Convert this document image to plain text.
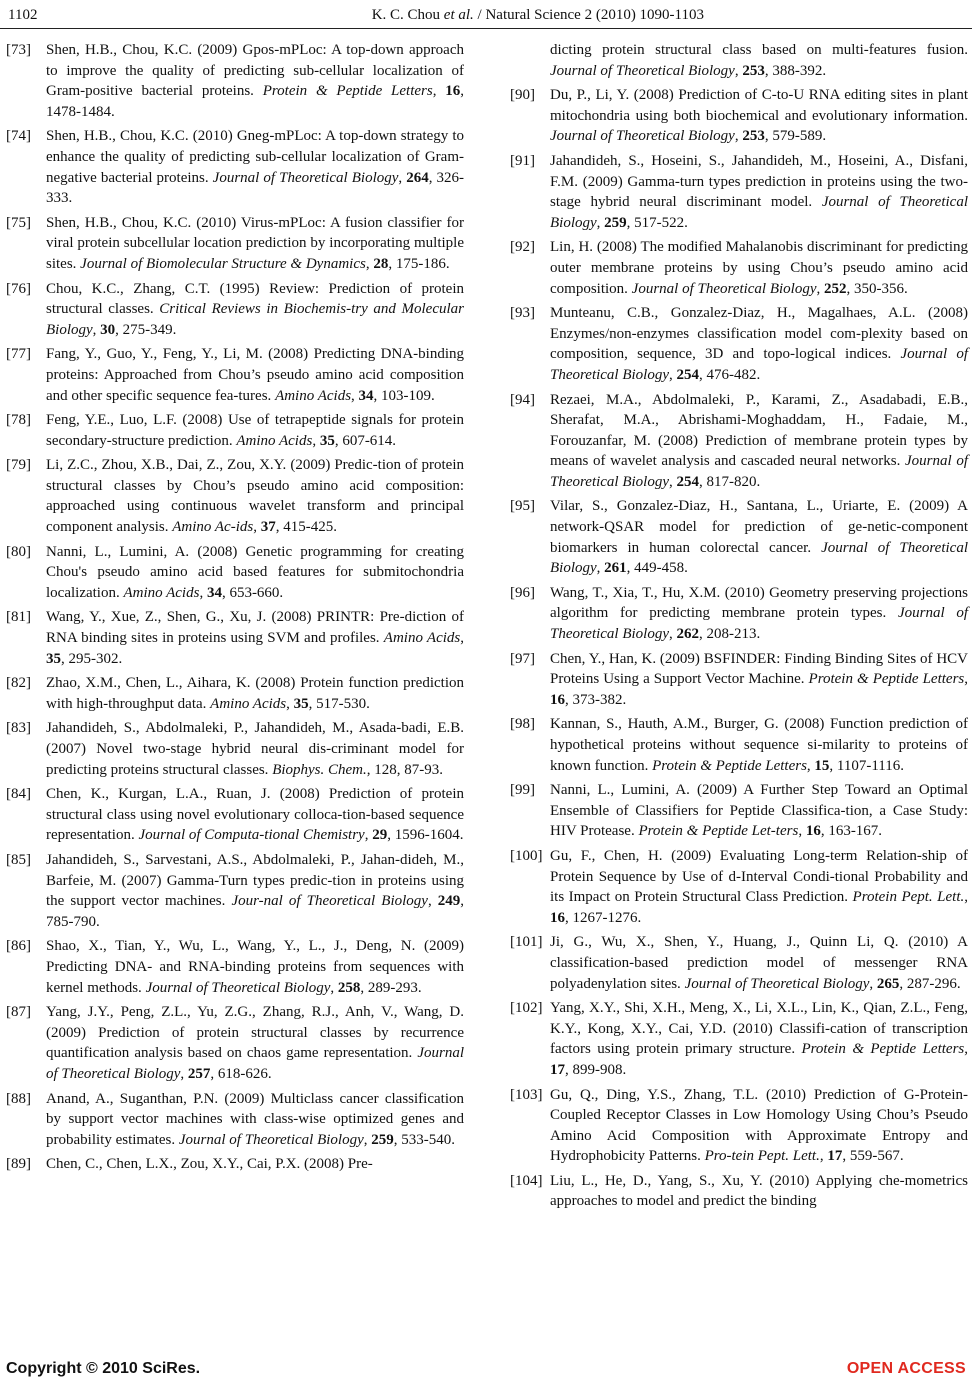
1102	K. C. Chou et al. / Natural Science 2 (2010) 1090-1103
[73] Shen, H.B., Chou, K.C. (2009) Gpos-mPLoc: A top-down approach to improve the quality of predicting sub-cellular localization of Gram-positive bacterial proteins. Protein & Peptide Letters, 16, 1478-1484.
[74] Shen, H.B., Chou, K.C. (2010) Gneg-mPLoc: A top-down strategy to enhance the quality of predicting sub-cellular localization of Gram-negative bacterial proteins. Journal of Theoretical Biology, 264, 326-333.
[75] Shen, H.B., Chou, K.C. (2010) Virus-mPLoc: A fusion classifier for viral protein subcellular location prediction by incorporating multiple sites. Journal of Biomolecular Structure & Dynamics, 28, 175-186.
[76] Chou, K.C., Zhang, C.T. (1995) Review: Prediction of protein structural classes. Critical Reviews in Biochemis-try and Molecular Biology, 30, 275-349.
[77] Fang, Y., Guo, Y., Feng, Y., Li, M. (2008) Predicting DNA-binding proteins: Approached from Chou’s pseudo amino acid composition and other specific sequence fea-tures. Amino Acids, 34, 103-109.
[78] Feng, Y.E., Luo, L.F. (2008) Use of tetrapeptide signals for protein secondary-structure prediction. Amino Acids, 35, 607-614.
[79] Li, Z.C., Zhou, X.B., Dai, Z., Zou, X.Y. (2009) Predic-tion of protein structural classes by Chou’s pseudo amino acid composition: approached using continuous wavelet transform and principal component analysis. Amino Ac-ids, 37, 415-425.
[80] Nanni, L., Lumini, A. (2008) Genetic programming for creating Chou's pseudo amino acid based features for submitochondria localization. Amino Acids, 34, 653-660.
[81] Wang, Y., Xue, Z., Shen, G., Xu, J. (2008) PRINTR: Pre-diction of RNA binding sites in proteins using SVM and profiles. Amino Acids, 35, 295-302.
[82] Zhao, X.M., Chen, L., Aihara, K. (2008) Protein function prediction with high-throughput data. Amino Acids, 35, 517-530.
[83] Jahandideh, S., Abdolmaleki, P., Jahandideh, M., Asada-badi, E.B. (2007) Novel two-stage hybrid neural dis-criminant model for predicting proteins structural classes. Biophys. Chem., 128, 87-93.
[84] Chen, K., Kurgan, L.A., Ruan, J. (2008) Prediction of protein structural class using novel evolutionary colloca-tion-based sequence representation. Journal of Computa-tional Chemistry, 29, 1596-1604.
[85] Jahandideh, S., Sarvestani, A.S., Abdolmaleki, P., Jahan-dideh, M., Barfeie, M. (2007) Gamma-Turn types predic-tion in proteins using the support vector machines. Jour-nal of Theoretical Biology, 249, 785-790.
[86] Shao, X., Tian, Y., Wu, L., Wang, Y., L., J., Deng, N. (2009) Predicting DNA- and RNA-binding proteins from sequences with kernel methods. Journal of Theoretical Biology, 258, 289-293.
[87] Yang, J.Y., Peng, Z.L., Yu, Z.G., Zhang, R.J., Anh, V., Wang, D. (2009) Prediction of protein structural classes by recurrence quantification analysis based on chaos game representation. Journal of Theoretical Biology, 257, 618-626.
[88] Anand, A., Suganthan, P.N. (2009) Multiclass cancer classification by support vector machines with class-wise optimized genes and probability estimates. Journal of Theoretical Biology, 259, 533-540.
[89] Chen, C., Chen, L.X., Zou, X.Y., Cai, P.X. (2008) Pre-
dicting protein structural class based on multi-features fusion. Journal of Theoretical Biology, 253, 388-392.
[90] Du, P., Li, Y. (2008) Prediction of C-to-U RNA editing sites in plant mitochondria using both biochemical and evolutionary information. Journal of Theoretical Biology, 253, 579-589.
[91] Jahandideh, S., Hoseini, S., Jahandideh, M., Hoseini, A., Disfani, F.M. (2009) Gamma-turn types prediction in proteins using the two-stage hybrid neural discriminant model. Journal of Theoretical Biology, 259, 517-522.
[92] Lin, H. (2008) The modified Mahalanobis discriminant for predicting outer membrane proteins by using Chou’s pseudo amino acid composition. Journal of Theoretical Biology, 252, 350-356.
[93] Munteanu, C.B., Gonzalez-Diaz, H., Magalhaes, A.L. (2008) Enzymes/non-enzymes classification model com-plexity based on composition, sequence, 3D and topo-logical indices. Journal of Theoretical Biology, 254, 476-482.
[94] Rezaei, M.A., Abdolmaleki, P., Karami, Z., Asadabadi, E.B., Sherafat, M.A., Abrishami-Moghaddam, H., Fadaie, M., Forouzanfar, M. (2008) Prediction of membrane protein types by means of wavelet analysis and cascaded neural networks. Journal of Theoretical Biology, 254, 817-820.
[95] Vilar, S., Gonzalez-Diaz, H., Santana, L., Uriarte, E. (2009) A network-QSAR model for prediction of ge-netic-component biomarkers in human colorectal cancer. Journal of Theoretical Biology, 261, 449-458.
[96] Wang, T., Xia, T., Hu, X.M. (2010) Geometry preserving projections algorithm for predicting membrane protein types. Journal of Theoretical Biology, 262, 208-213.
[97] Chen, Y., Han, K. (2009) BSFINDER: Finding Binding Sites of HCV Proteins Using a Support Vector Machine. Protein & Peptide Letters, 16, 373-382.
[98] Kannan, S., Hauth, A.M., Burger, G. (2008) Function prediction of hypothetical proteins without sequence si-milarity to proteins of known function. Protein & Peptide Letters, 15, 1107-1116.
[99] Nanni, L., Lumini, A. (2009) A Further Step Toward an Optimal Ensemble of Classifiers for Peptide Classifica-tion, a Case Study: HIV Protease. Protein & Peptide Let-ters, 16, 163-167.
[100] Gu, F., Chen, H. (2009) Evaluating Long-term Relation-ship of Protein Sequence by Use of d-Interval Condi-tional Probability and its Impact on Protein Structural Class Prediction. Protein Pept. Lett., 16, 1267-1276.
[101] Ji, G., Wu, X., Shen, Y., Huang, J., Quinn Li, Q. (2010) A classification-based prediction model of messenger RNA polyadenylation sites. Journal of Theoretical Biology, 265, 287-296.
[102] Yang, X.Y., Shi, X.H., Meng, X., Li, X.L., Lin, K., Qian, Z.L., Feng, K.Y., Kong, X.Y., Cai, Y.D. (2010) Classifi-cation of transcription factors using protein primary structure. Protein & Peptide Letters, 17, 899-908.
[103] Gu, Q., Ding, Y.S., Zhang, T.L. (2010) Prediction of G-Protein-Coupled Receptor Classes in Low Homology Using Chou’s Pseudo Amino Acid Composition with Approximate Entropy and Hydrophobicity Patterns. Pro-tein Pept. Lett., 17, 559-567.
[104] Liu, L., He, D., Yang, S., Xu, Y. (2010) Applying che-mometrics approaches to model and predict the binding
Copyright © 2010 SciRes.	OPEN ACCESS
